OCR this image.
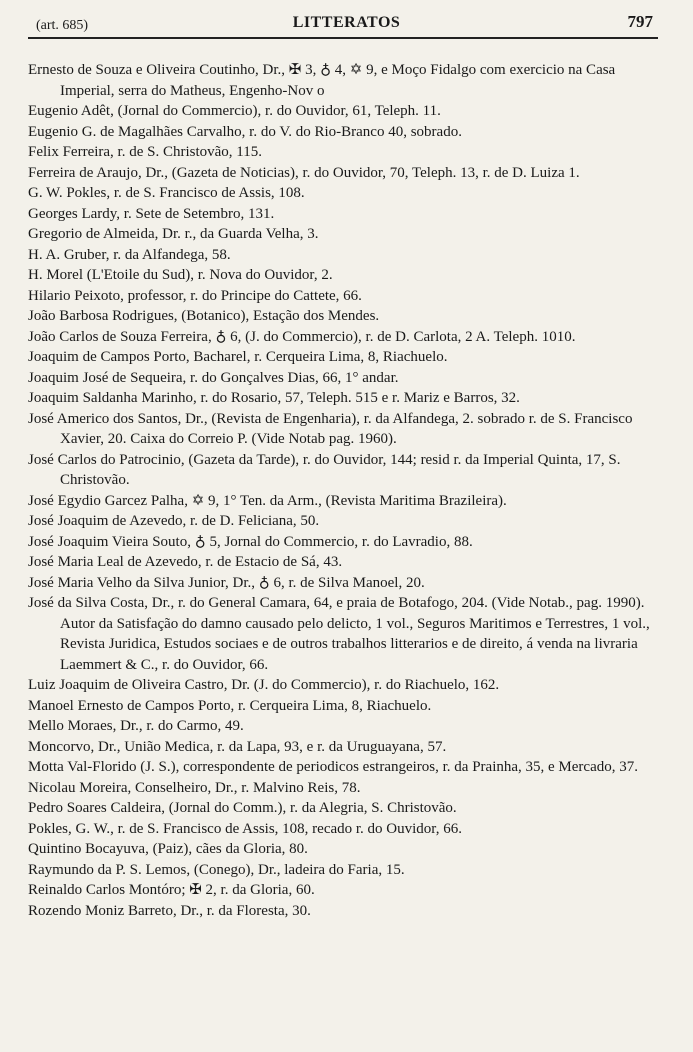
(art. 685)	LITTERATOS	797
Ernesto de Souza e Oliveira Coutinho, Dr., ✠ 3, ♁ 4, ✡ 9, e Moço Fidalgo com exercicio na Casa Imperial, serra do Matheus, Engenho-Nov o
Eugenio Adêt, (Jornal do Commercio), r. do Ouvidor, 61, Teleph. 11.
Eugenio G. de Magalhães Carvalho, r. do V. do Rio-Branco 40, sobrado.
Felix Ferreira, r. de S. Christovão, 115.
Ferreira de Araujo, Dr., (Gazeta de Noticias), r. do Ouvidor, 70, Teleph. 13, r. de D. Luiza 1.
G. W. Pokles, r. de S. Francisco de Assis, 108.
Georges Lardy, r. Sete de Setembro, 131.
Gregorio de Almeida, Dr. r., da Guarda Velha, 3.
H. A. Gruber, r. da Alfandega, 58.
H. Morel (L'Etoile du Sud), r. Nova do Ouvidor, 2.
Hilario Peixoto, professor, r. do Principe do Cattete, 66.
João Barbosa Rodrigues, (Botanico), Estação dos Mendes.
João Carlos de Souza Ferreira, ♁ 6, (J. do Commercio), r. de D. Carlota, 2 A. Teleph. 1010.
Joaquim de Campos Porto, Bacharel, r. Cerqueira Lima, 8, Riachuelo.
Joaquim José de Sequeira, r. do Gonçalves Dias, 66, 1° andar.
Joaquim Saldanha Marinho, r. do Rosario, 57, Teleph. 515 e r. Mariz e Barros, 32.
José Americo dos Santos, Dr., (Revista de Engenharia), r. da Alfandega, 2. sobrado r. de S. Francisco Xavier, 20. Caixa do Correio P. (Vide Notab pag. 1960).
José Carlos do Patrocinio, (Gazeta da Tarde), r. do Ouvidor, 144; resid r. da Imperial Quinta, 17, S. Christovão.
José Egydio Garcez Palha, ✡ 9, 1° Ten. da Arm., (Revista Maritima Brazileira).
José Joaquim de Azevedo, r. de D. Feliciana, 50.
José Joaquim Vieira Souto, ♁ 5, Jornal do Commercio, r. do Lavradio, 88.
José Maria Leal de Azevedo, r. de Estacio de Sá, 43.
José Maria Velho da Silva Junior, Dr., ♁ 6, r. de Silva Manoel, 20.
José da Silva Costa, Dr., r. do General Camara, 64, e praia de Botafogo, 204. (Vide Notab., pag. 1990). Autor da Satisfação do damno causado pelo delicto, 1 vol., Seguros Maritimos e Terrestres, 1 vol., Revista Juridica, Estudos sociaes e de outros trabalhos litterarios e de direito, á venda na livraria Laemmert & C., r. do Ouvidor, 66.
Luiz Joaquim de Oliveira Castro, Dr. (J. do Commercio), r. do Riachuelo, 162.
Manoel Ernesto de Campos Porto, r. Cerqueira Lima, 8, Riachuelo.
Mello Moraes, Dr., r. do Carmo, 49.
Moncorvo, Dr., União Medica, r. da Lapa, 93, e r. da Uruguayana, 57.
Motta Val-Florido (J. S.), correspondente de periodicos estrangeiros, r. da Prainha, 35, e Mercado, 37.
Nicolau Moreira, Conselheiro, Dr., r. Malvino Reis, 78.
Pedro Soares Caldeira, (Jornal do Comm.), r. da Alegria, S. Christovão.
Pokles, G. W., r. de S. Francisco de Assis, 108, recado r. do Ouvidor, 66.
Quintino Bocayuva, (Paiz), cães da Gloria, 80.
Raymundo da P. S. Lemos, (Conego), Dr., ladeira do Faria, 15.
Reinaldo Carlos Montóro; ✠ 2, r. da Gloria, 60.
Rozendo Moniz Barreto, Dr., r. da Floresta, 30.
